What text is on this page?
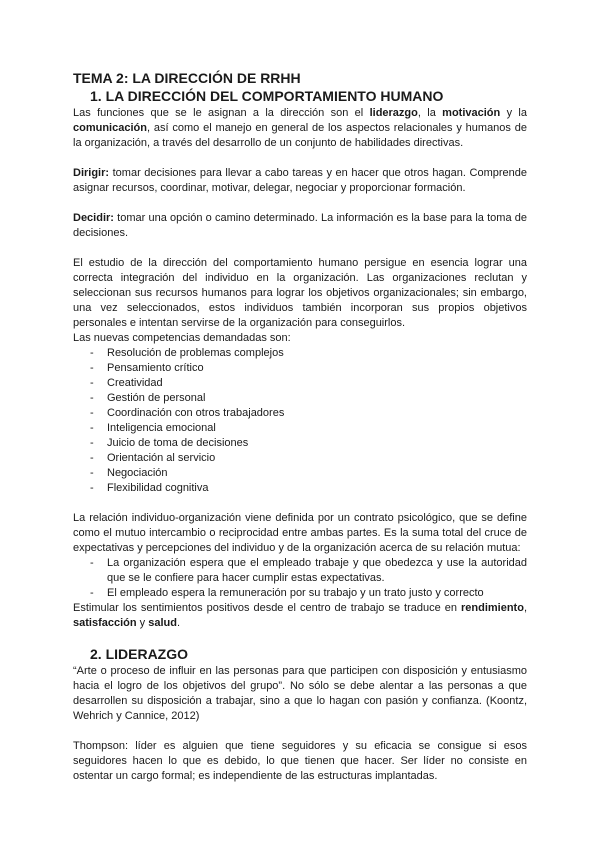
TEMA 2: LA DIRECCIÓN DE RRHH
1. LA DIRECCIÓN DEL COMPORTAMIENTO HUMANO

Las funciones que se le asignan a la dirección son el liderazgo, la motivación y la comunicación, así como el manejo en general de los aspectos relacionales y humanos de la organización, a través del desarrollo de un conjunto de habilidades directivas.

Dirigir: tomar decisiones para llevar a cabo tareas y en hacer que otros hagan. Comprende asignar recursos, coordinar, motivar, delegar, negociar y proporcionar formación.

Decidir: tomar una opción o camino determinado. La información es la base para la toma de decisiones.

El estudio de la dirección del comportamiento humano persigue en esencia lograr una correcta integración del individuo en la organización. Las organizaciones reclutan y seleccionan sus recursos humanos para lograr los objetivos organizacionales; sin embargo, una vez seleccionados, estos individuos también incorporan sus propios objetivos personales e intentan servirse de la organización para conseguirlos.

Las nuevas competencias demandadas son:

- Resolución de problemas complejos
- Pensamiento crítico
- Creatividad
- Gestión de personal
- Coordinación con otros trabajadores
- Inteligencia emocional
- Juicio de toma de decisiones
- Orientación al servicio
- Negociación
- Flexibilidad cognitiva

La relación individuo-organización viene definida por un contrato psicológico, que se define como el mutuo intercambio o reciprocidad entre ambas partes. Es la suma total del cruce de expectativas y percepciones del individuo y de la organización acerca de su relación mutua:

- La organización espera que el empleado trabaje y que obedezca y use la autoridad que se le confiere para hacer cumplir estas expectativas.
- El empleado espera la remuneración por su trabajo y un trato justo y correcto

Estimular los sentimientos positivos desde el centro de trabajo se traduce en rendimiento, satisfacción y salud.

2. LIDERAZGO

“Arte o proceso de influir en las personas para que participen con disposición y entusiasmo hacia el logro de los objetivos del grupo”. No sólo se debe alentar a las personas a que desarrollen su disposición a trabajar, sino a que lo hagan con pasión y confianza. (Koontz, Wehrich y Cannice, 2012)

Thompson: líder es alguien que tiene seguidores y su eficacia se consigue si esos seguidores hacen lo que es debido, lo que tienen que hacer. Ser líder no consiste en ostentar un cargo formal; es independiente de las estructuras implantadas.
